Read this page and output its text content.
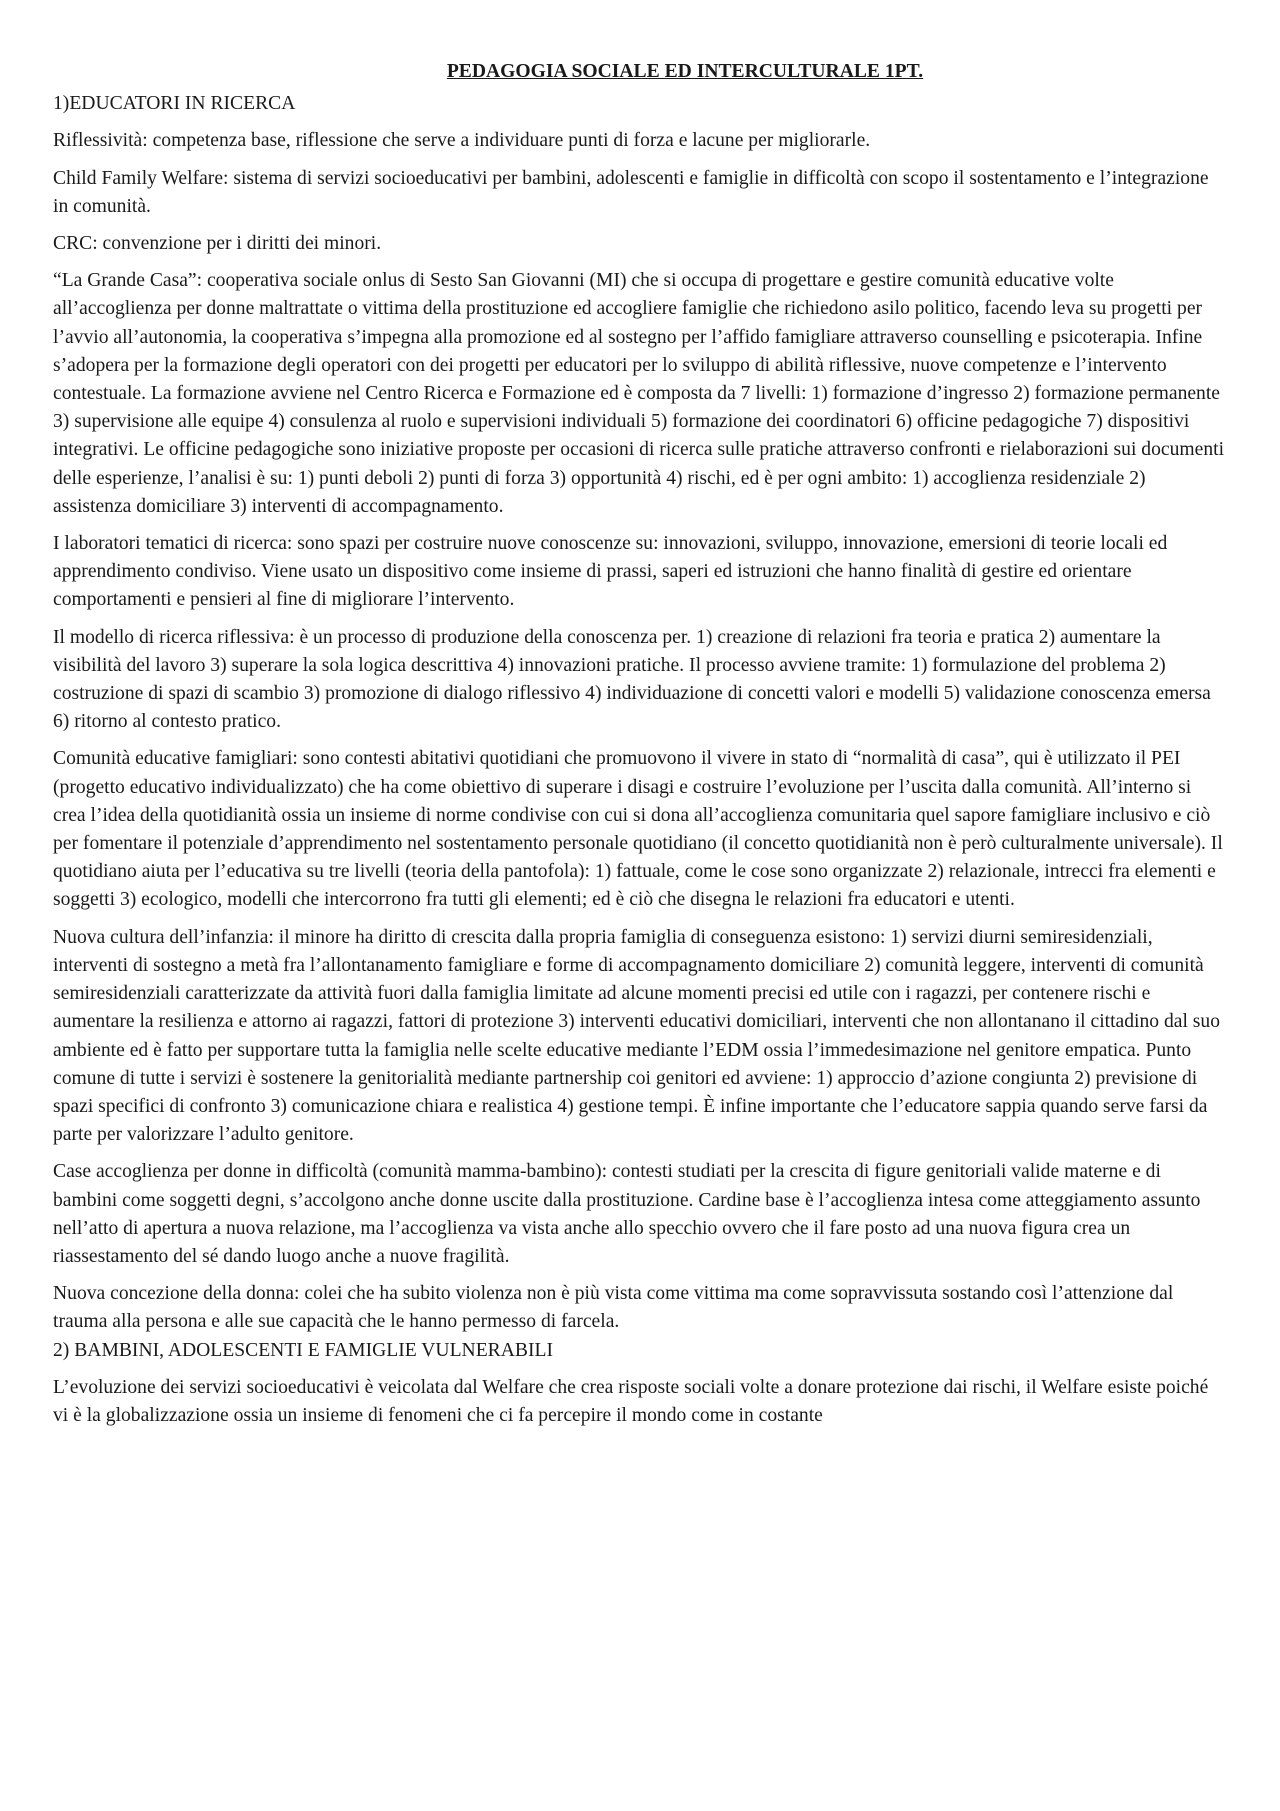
PEDAGOGIA SOCIALE ED INTERCULTURALE 1PT.
1)EDUCATORI IN RICERCA

Riflessività: competenza base, riflessione che serve a individuare punti di forza e lacune per migliorarle.

Child Family Welfare: sistema di servizi socioeducativi per bambini, adolescenti e famiglie in difficoltà con scopo il sostentamento e l’integrazione in comunità.

CRC: convenzione per i diritti dei minori.

“La Grande Casa”: cooperativa sociale onlus di Sesto San Giovanni (MI) che si occupa di progettare e gestire comunità educative volte all’accoglienza per donne maltrattate o vittima della prostituzione ed accogliere famiglie che richiedono asilo politico, facendo leva su progetti per l’avvio all’autonomia, la cooperativa s’impegna alla promozione ed al sostegno per l’affido famigliare attraverso counselling e psicoterapia. Infine s’adopera per la formazione degli operatori con dei progetti per educatori per lo sviluppo di abilità riflessive, nuove competenze e l’intervento contestuale. La formazione avviene nel Centro Ricerca e Formazione ed è composta da 7 livelli: 1) formazione d’ingresso 2) formazione permanente 3) supervisione alle equipe 4) consulenza al ruolo e supervisioni individuali 5) formazione dei coordinatori 6) officine pedagogiche 7) dispositivi integrativi. Le officine pedagogiche sono iniziative proposte per occasioni di ricerca sulle pratiche attraverso confronti e rielaborazioni sui documenti delle esperienze, l’analisi è su: 1) punti deboli 2) punti di forza 3) opportunità 4) rischi, ed è per ogni ambito: 1) accoglienza residenziale 2) assistenza domiciliare 3) interventi di accompagnamento.

I laboratori tematici di ricerca: sono spazi per costruire nuove conoscenze su: innovazioni, sviluppo, innovazione, emersioni di teorie locali ed apprendimento condiviso. Viene usato un dispositivo come insieme di prassi, saperi ed istruzioni che hanno finalità di gestire ed orientare comportamenti e pensieri al fine di migliorare l’intervento.

Il modello di ricerca riflessiva: è un processo di produzione della conoscenza per. 1) creazione di relazioni fra teoria e pratica 2) aumentare la visibilità del lavoro 3) superare la sola logica descrittiva 4) innovazioni pratiche. Il processo avviene tramite: 1) formulazione del problema 2) costruzione di spazi di scambio 3) promozione di dialogo riflessivo 4) individuazione di concetti valori e modelli 5) validazione conoscenza emersa 6) ritorno al contesto pratico.

Comunità educative famigliari: sono contesti abitativi quotidiani che promuovono il vivere in stato di “normalità di casa”, qui è utilizzato il PEI (progetto educativo individualizzato) che ha come obiettivo di superare i disagi e costruire l’evoluzione per l’uscita dalla comunità. All’interno si crea l’idea della quotidianità ossia un insieme di norme condivise con cui si dona all’accoglienza comunitaria quel sapore famigliare inclusivo e ciò per fomentare il potenziale d’apprendimento nel sostentamento personale quotidiano (il concetto quotidianità non è però culturalmente universale). Il quotidiano aiuta per l’educativa su tre livelli (teoria della pantofola): 1) fattuale, come le cose sono organizzate 2) relazionale, intrecci fra elementi e soggetti 3) ecologico, modelli che intercorrono fra tutti gli elementi; ed è ciò che disegna le relazioni fra educatori e utenti.

Nuova cultura dell’infanzia: il minore ha diritto di crescita dalla propria famiglia di conseguenza esistono: 1) servizi diurni semiresidenziali, interventi di sostegno a metà fra l’allontanamento famigliare e forme di accompagnamento domiciliare 2) comunità leggere, interventi di comunità semiresidenziali caratterizzate da attività fuori dalla famiglia limitate ad alcune momenti precisi ed utile con i ragazzi, per contenere rischi e aumentare la resilienza e attorno ai ragazzi, fattori di protezione 3) interventi educativi domiciliari, interventi che non allontanano il cittadino dal suo ambiente ed è fatto per supportare tutta la famiglia nelle scelte educative mediante l’EDM ossia l’immedesimazione nel genitore empatica. Punto comune di tutte i servizi è sostenere la genitorialità mediante partnership coi genitori ed avviene: 1) approccio d’azione congiunta 2) previsione di spazi specifici di confronto 3) comunicazione chiara e realistica 4) gestione tempi. È infine importante che l’educatore sappia quando serve farsi da parte per valorizzare l’adulto genitore.

Case accoglienza per donne in difficoltà (comunità mamma-bambino): contesti studiati per la crescita di figure genitoriali valide materne e di bambini come soggetti degni, s’accolgono anche donne uscite dalla prostituzione. Cardine base è l’accoglienza intesa come atteggiamento assunto nell’atto di apertura a nuova relazione, ma l’accoglienza va vista anche allo specchio ovvero che il fare posto ad una nuova figura crea un riassestamento del sé dando luogo anche a nuove fragilità.

Nuova concezione della donna: colei che ha subito violenza non è più vista come vittima ma come sopravvissuta sostando così l’attenzione dal trauma alla persona e alle sue capacità che le hanno permesso di farcela.

2) BAMBINI, ADOLESCENTI E FAMIGLIE VULNERABILI

L’evoluzione dei servizi socioeducativi è veicolata dal Welfare che crea risposte sociali volte a donare protezione dai rischi, il Welfare esiste poiché vi è la globalizzazione ossia un insieme di fenomeni che ci fa percepire il mondo come in costante
